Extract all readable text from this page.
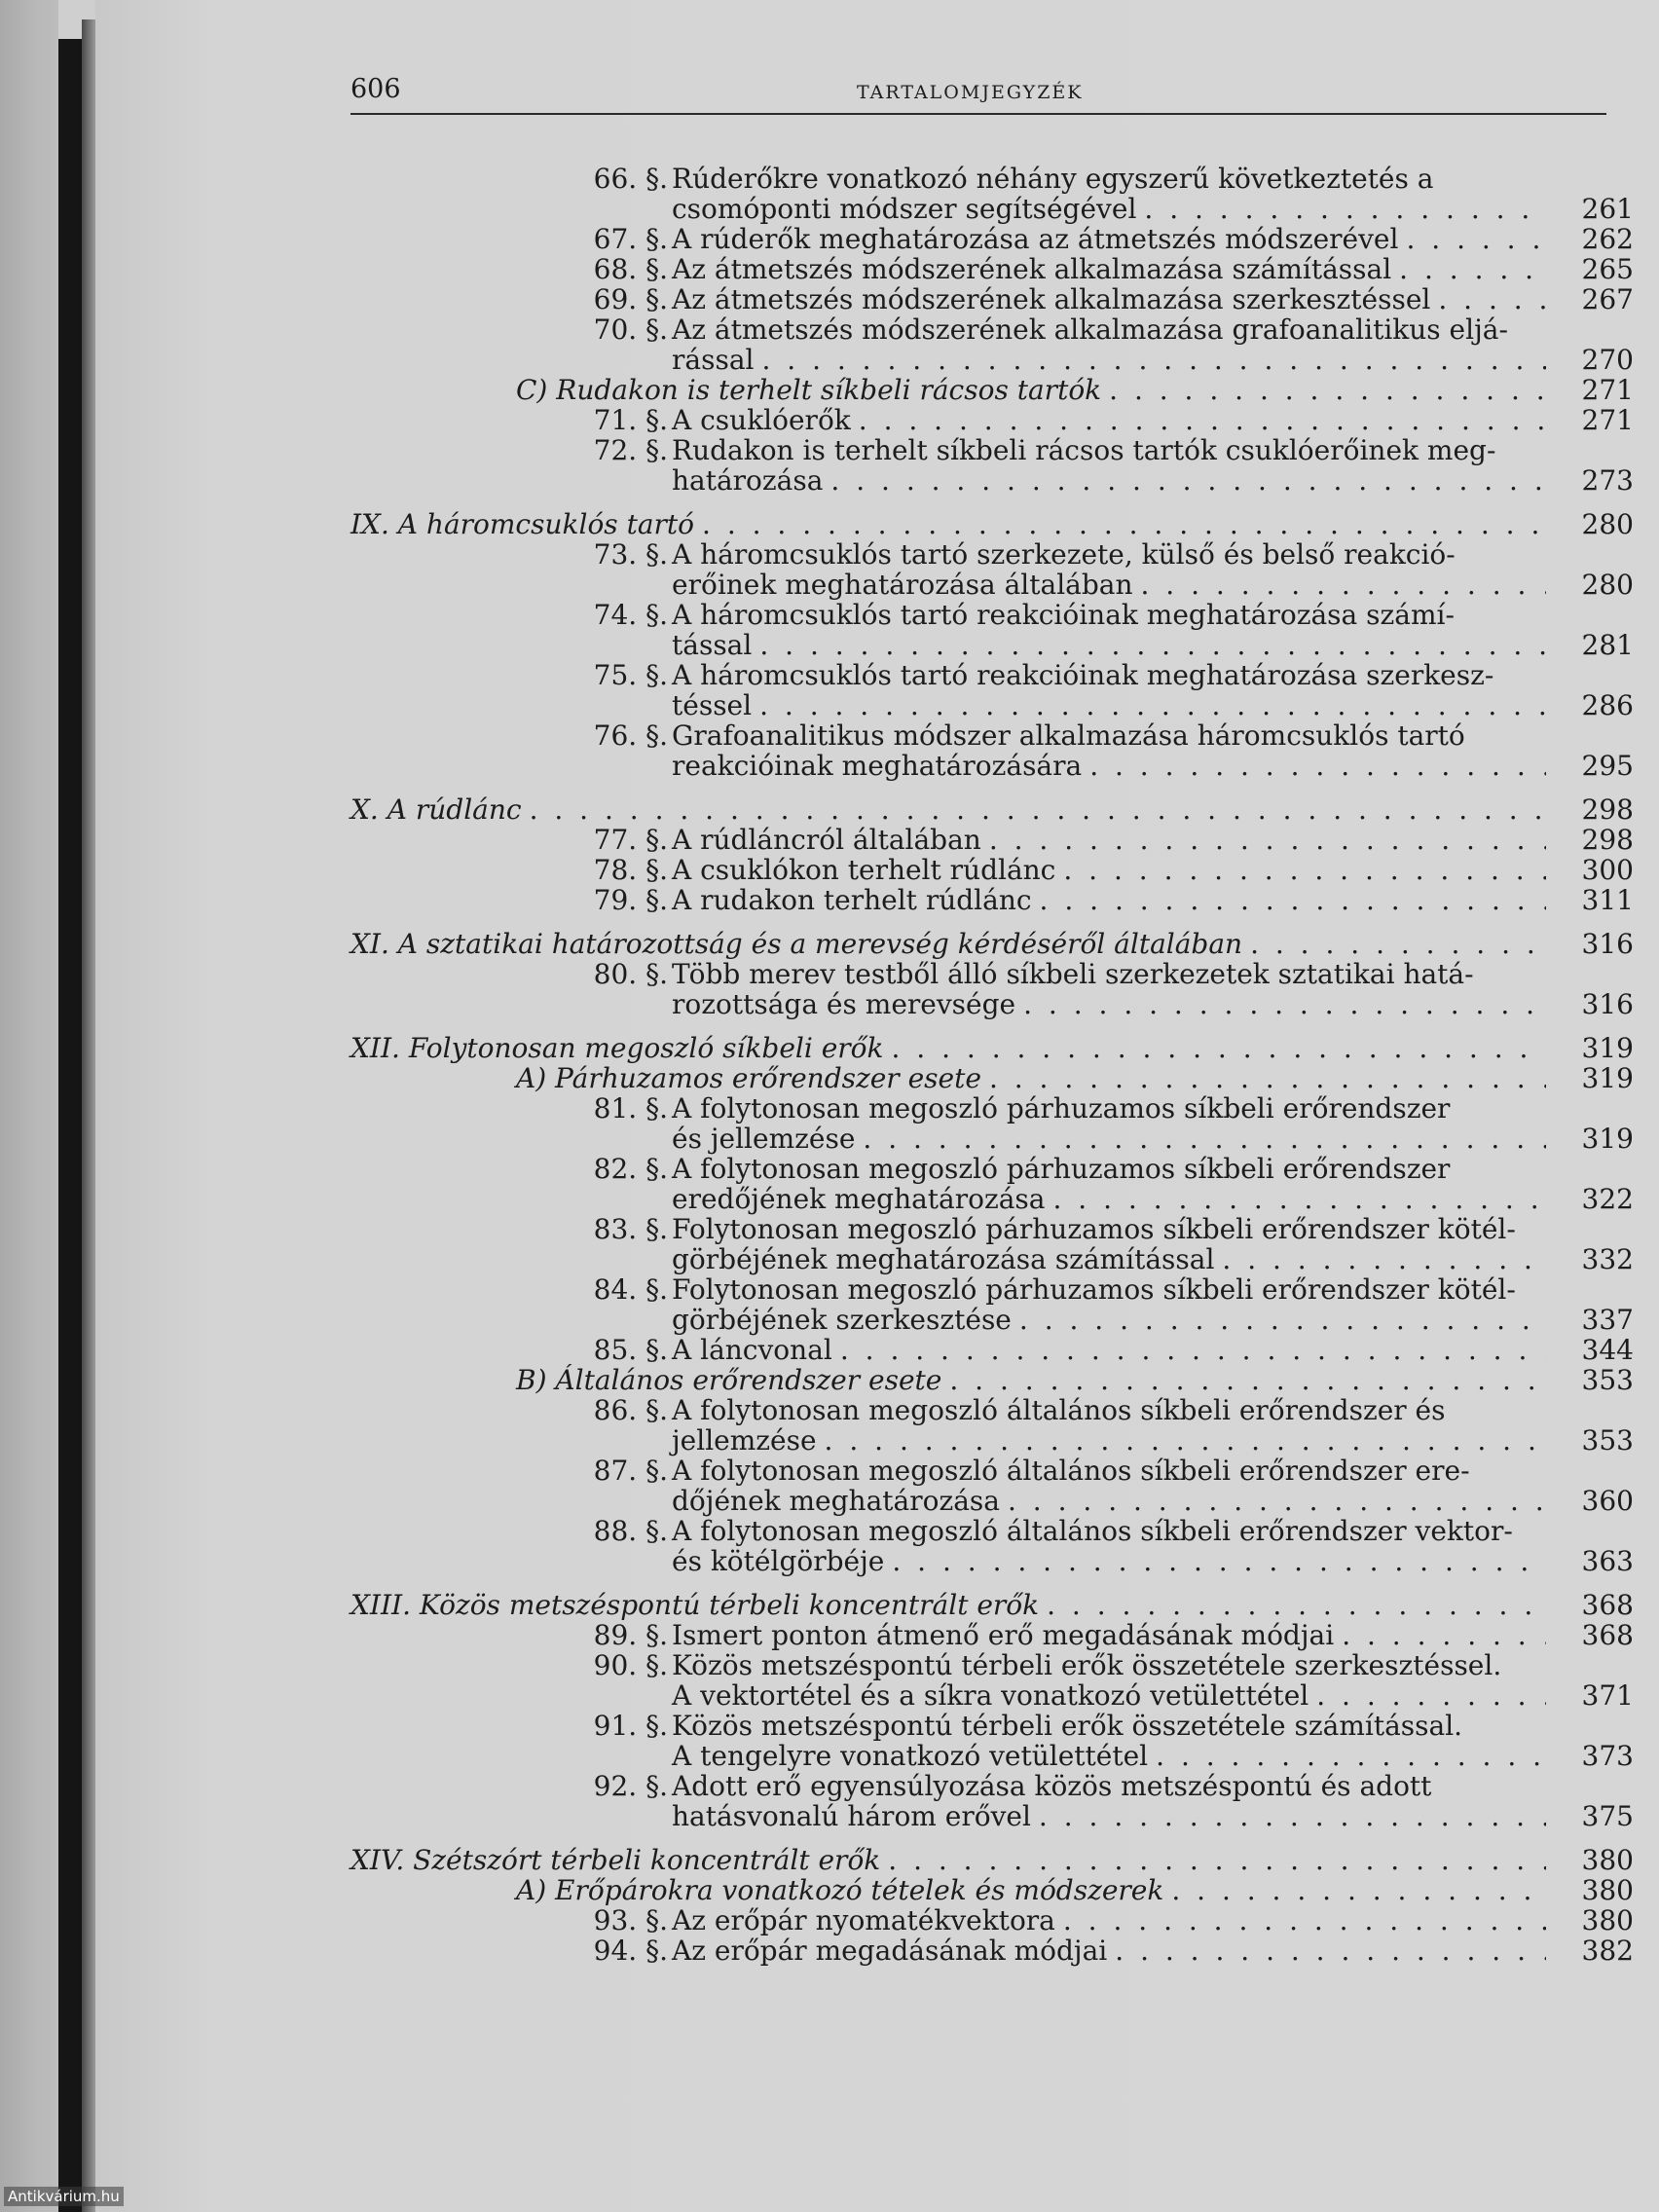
606	TARTALOMJEGYZÉK
66. §. Rúderőkre vonatkozó néhány egyszerű következtetés a
csomóponti módszer segítségével . . .	261
67. §. A rúderők meghatározása az átmetszés módszerével . . .	262
68. §. Az átmetszés módszerének alkalmazása számítással . . .	265
69. §. Az átmetszés módszerének alkalmazása szerkesztéssel . . .	267
70. §. Az átmetszés módszerének alkalmazása grafoanalitikus eljá-
rással . . .	270
C) Rudakon is terhelt síkbeli rácsos tartók . . .	271
71. §. A csuklóerők . . .	271
72. §. Rudakon is terhelt síkbeli rácsos tartók csuklóerőinek meg-
határozása . . .	273
IX. A háromcsuklós tartó . . .	280
73. §. A háromcsuklós tartó szerkezete, külső és belső reakció-
erőinek meghatározása általában . . .	280
74. §. A háromcsuklós tartó reakcióinak meghatározása számí-
tással . . .	281
75. §. A háromcsuklós tartó reakcióinak meghatározása szerkesz-
téssel . . .	286
76. §. Grafoanalitikus módszer alkalmazása háromcsuklós tartó
reakcióinak meghatározására . . .	295
X. A rúdlánc . . .	298
77. §. A rúdláncról általában . . .	298
78. §. A csuklókon terhelt rúdlánc . . .	300
79. §. A rudakon terhelt rúdlánc . . .	311
XI. A sztatikai határozottság és a merevség kérdéséről általában . . .	316
80. §. Több merev testből álló síkbeli szerkezetek sztatikai hatá-
rozottsága és merevsége . . .	316
XII. Folytonosan megoszló síkbeli erők . . .	319
A) Párhuzamos erőrendszer esete . . .	319
81. §. A folytonosan megoszló párhuzamos síkbeli erőrendszer
és jellemzése . . .	319
82. §. A folytonosan megoszló párhuzamos síkbeli erőrendszer
eredőjének meghatározása . . .	322
83. §. Folytonosan megoszló párhuzamos síkbeli erőrendszer kötél-
görbéjének meghatározása számítással . . .	332
84. §. Folytonosan megoszló párhuzamos síkbeli erőrendszer kötél-
görbéjének szerkesztése . . .	337
85. §. A láncvonal . . .	344
B) Általános erőrendszer esete . . .	353
86. §. A folytonosan megoszló általános síkbeli erőrendszer és
jellemzése . . .	353
87. §. A folytonosan megoszló általános síkbeli erőrendszer ere-
dőjének meghatározása . . .	360
88. §. A folytonosan megoszló általános síkbeli erőrendszer vektor-
és kötélgörbéje . . .	363
XIII. Közös metszéspontú térbeli koncentrált erők . . .	368
89. §. Ismert ponton átmenő erő megadásának módjai . . .	368
90. §. Közös metszéspontú térbeli erők összetétele szerkesztéssel.
A vektortétel és a síkra vonatkozó vetülettétel . . .	371
91. §. Közös metszéspontú térbeli erők összetétele számítással.
A tengelyre vonatkozó vetülettétel . . .	373
92. §. Adott erő egyensúlyozása közös metszéspontú és adott
hatásvonalú három erővel . . .	375
XIV. Szétszórt térbeli koncentrált erők . . .	380
A) Erőpárokra vonatkozó tételek és módszerek . . .	380
93. §. Az erőpár nyomatékvektora . . .	380
94. §. Az erőpár megadásának módjai . . .	382
Antikvárium.hu
